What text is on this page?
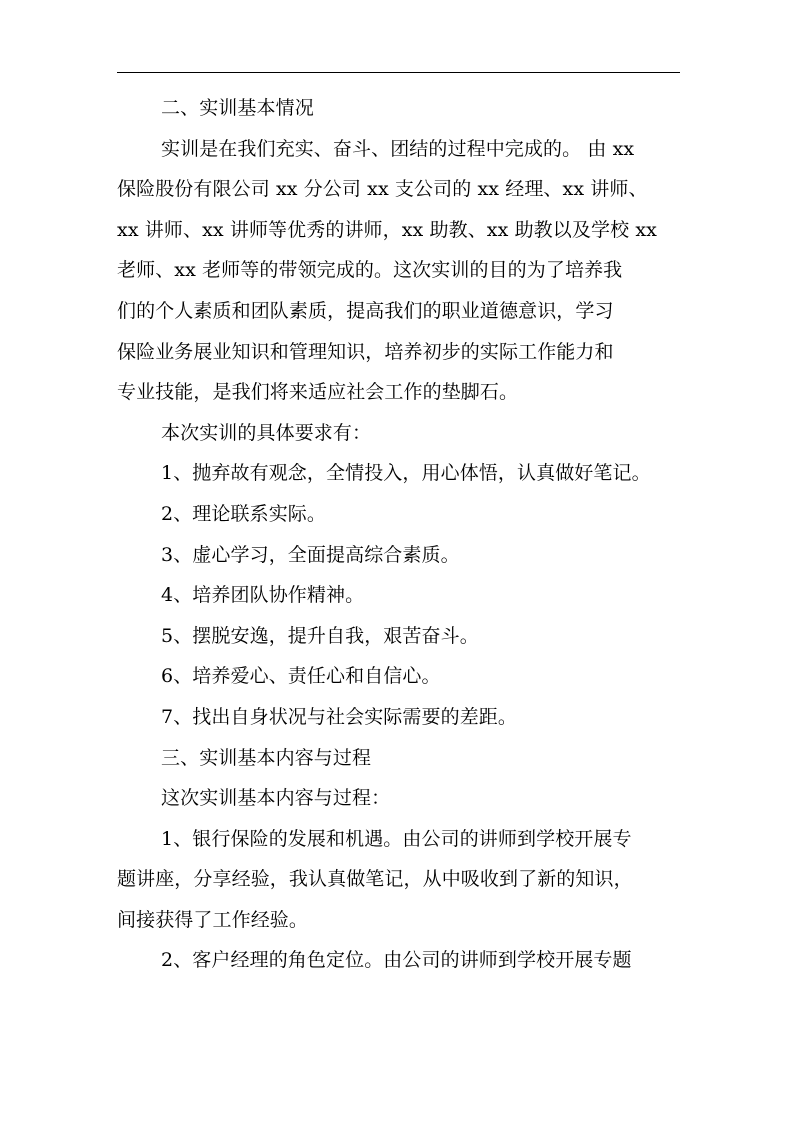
二、实训基本情况
实训是在我们充实、奋斗、团结的过程中完成的。 由 xx
保险股份有限公司 xx 分公司 xx 支公司的 xx 经理、xx 讲师、
xx 讲师、xx 讲师等优秀的讲师，xx 助教、xx 助教以及学校 xx
老师、xx 老师等的带领完成的。这次实训的目的为了培养我
们的个人素质和团队素质，提高我们的职业道德意识，学习
保险业务展业知识和管理知识，培养初步的实际工作能力和
专业技能，是我们将来适应社会工作的垫脚石。
本次实训的具体要求有：
1、抛弃故有观念，全情投入，用心体悟，认真做好笔记。
2、理论联系实际。
3、虚心学习，全面提高综合素质。
4、培养团队协作精神。
5、摆脱安逸，提升自我，艰苦奋斗。
6、培养爱心、责任心和自信心。
7、找出自身状况与社会实际需要的差距。
三、实训基本内容与过程
这次实训基本内容与过程：
1、银行保险的发展和机遇。由公司的讲师到学校开展专
题讲座，分享经验，我认真做笔记，从中吸收到了新的知识，
间接获得了工作经验。
2、客户经理的角色定位。由公司的讲师到学校开展专题
